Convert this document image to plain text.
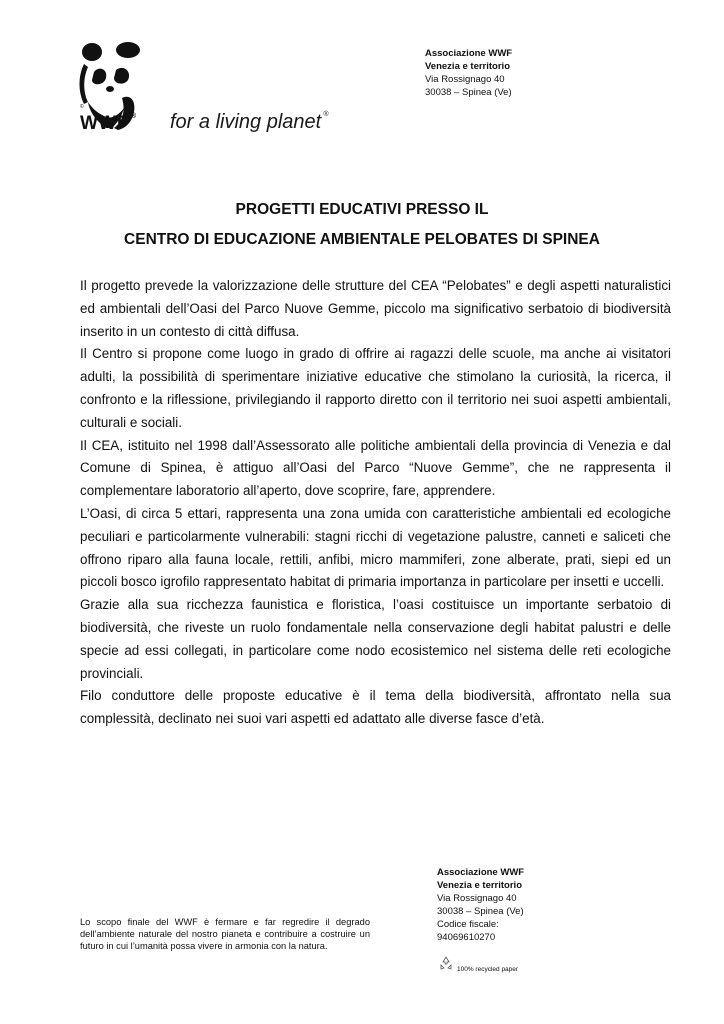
©
WWF ® for a living planet ®
Associazione WWF
Venezia e territorio
Via Rossignago 40
30038 – Spinea (Ve)
PROGETTI EDUCATIVI PRESSO IL
CENTRO DI EDUCAZIONE AMBIENTALE PELOBATES DI SPINEA

Il progetto prevede la valorizzazione delle strutture del CEA “Pelobates” e degli aspetti naturalistici ed ambientali dell’Oasi del Parco Nuove Gemme, piccolo ma significativo serbatoio di biodiversità inserito in un contesto di città diffusa.

Il Centro si propone come luogo in grado di offrire ai ragazzi delle scuole, ma anche ai visitatori adulti, la possibilità di sperimentare iniziative educative che stimolano la curiosità, la ricerca, il confronto e la riflessione, privilegiando il rapporto diretto con il territorio nei suoi aspetti ambientali, culturali e sociali.

Il CEA, istituito nel 1998 dall’Assessorato alle politiche ambientali della provincia di Venezia e dal Comune di Spinea, è attiguo all’Oasi del Parco “Nuove Gemme”, che ne rappresenta il complementare laboratorio all’aperto, dove scoprire, fare, apprendere.

L’Oasi, di circa 5 ettari, rappresenta una zona umida con caratteristiche ambientali ed ecologiche peculiari e particolarmente vulnerabili: stagni ricchi di vegetazione palustre, canneti e saliceti che offrono riparo alla fauna locale, rettili, anfibi, micro mammiferi, zone alberate, prati, siepi ed un piccoli bosco igrofilo rappresentato habitat di primaria importanza in particolare per insetti e uccelli.

Grazie alla sua ricchezza faunistica e floristica, l’oasi costituisce un importante serbatoio di biodiversità, che riveste un ruolo fondamentale nella conservazione degli habitat palustri e delle specie ad essi collegati, in particolare come nodo ecosistemico nel sistema delle reti ecologiche provinciali.

Filo conduttore delle proposte educative è il tema della biodiversità, affrontato nella sua complessità, declinato nei suoi vari aspetti ed adattato alle diverse fasce d’età.

Associazione WWF
Venezia e territorio
Via Rossignago 40
30038 – Spinea (Ve)
Codice fiscale:
94069610270
Lo scopo finale del WWF è fermare e far regredire il degrado dell’ambiente naturale del nostro pianeta e contribuire a costruire un futuro in cui l’umanità possa vivere in armonia con la natura.
100% recycled paper
